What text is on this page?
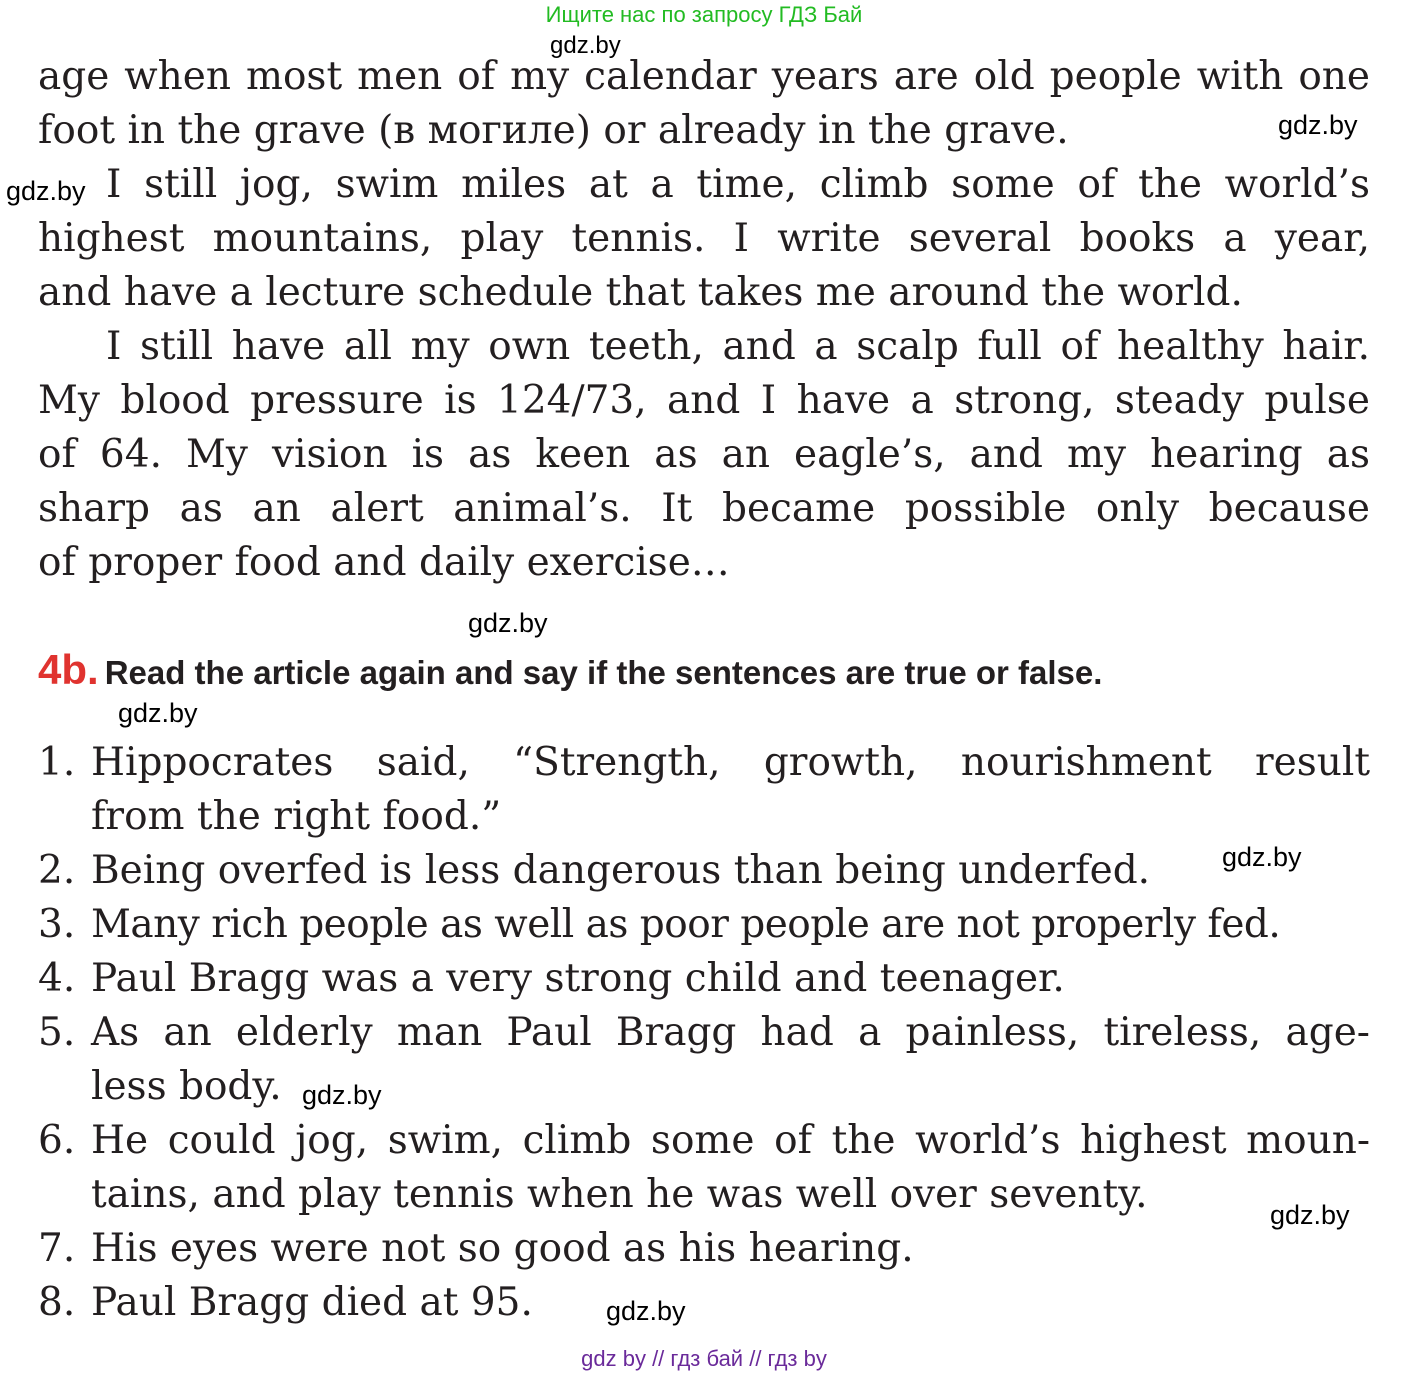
Ищите нас по запросу ГДЗ Бай
gdz.by
age when most men of my calendar years are old people with one
foot in the grave (в могиле) or already in the grave.	gdz.by
gdz.by I still jog, swim miles at a time, climb some of the world’s
highest mountains, play tennis. I write several books a year,
and have a lecture schedule that takes me around the world.
I still have all my own teeth, and a scalp full of healthy hair.
My blood pressure is 124/73, and I have a strong, steady pulse
of 64. My vision is as keen as an eagle’s, and my hearing as
sharp as an alert animal’s. It became possible only because
of proper food and daily exercise…
gdz.by
4b. Read the article again and say if the sentences are true or false.
gdz.by
1. Hippocrates said, “Strength, growth, nourishment result
from the right food.”
2. Being overfed is less dangerous than being underfed.	gdz.by
3. Many rich people as well as poor people are not properly fed.
4. Paul Bragg was a very strong child and teenager.
5. As an elderly man Paul Bragg had a painless, tireless, age-
less body. gdz.by
6. He could jog, swim, climb some of the world’s highest moun-
tains, and play tennis when he was well over seventy.	gdz.by
7. His eyes were not so good as his hearing.
8. Paul Bragg died at 95.	gdz.by
gdz by // гдз бай // гдз by
